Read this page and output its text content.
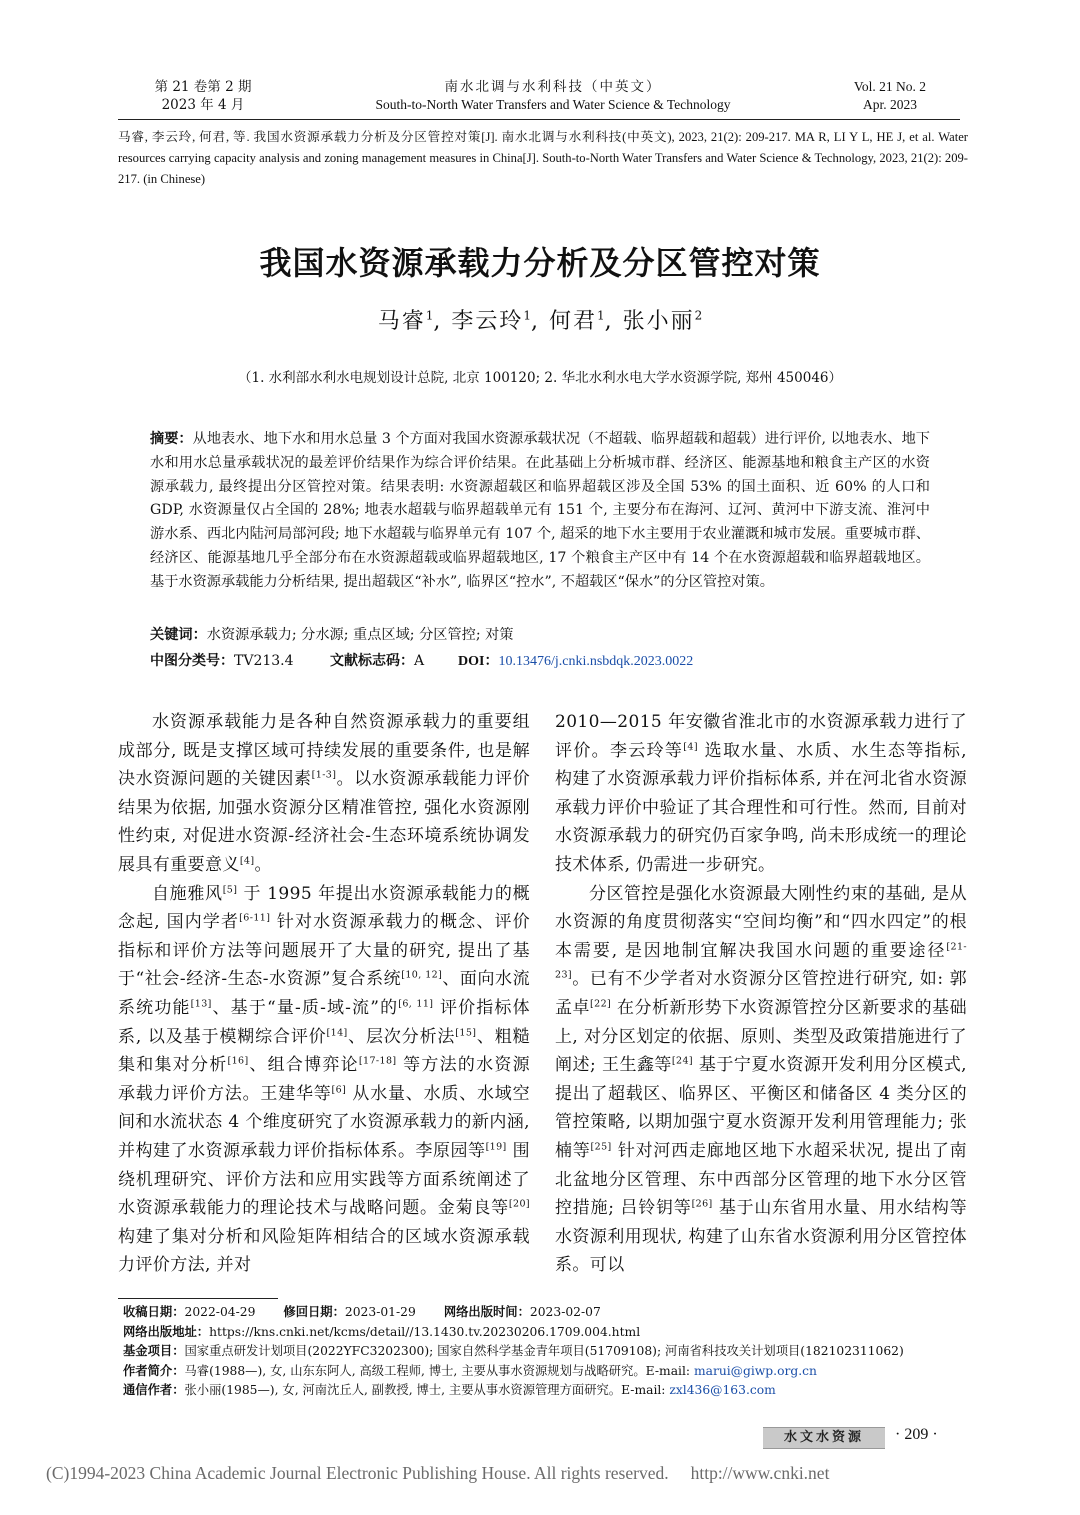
第 21 卷第 2 期
2023 年 4 月
南水北调与水利科技（中英文）
South-to-North Water Transfers and Water Science & Technology
Vol. 21 No. 2
Apr. 2023
马睿, 李云玲, 何君, 等. 我国水资源承载力分析及分区管控对策[J]. 南水北调与水利科技(中英文), 2023, 21(2): 209-217. MA R, LI Y L, HE J, et al. Water resources carrying capacity analysis and zoning management measures in China[J]. South-to-North Water Transfers and Water Science & Technology, 2023, 21(2): 209-217. (in Chinese)
我国水资源承载力分析及分区管控对策
马睿$^1$, 李云玲$^1$, 何君$^1$, 张小丽$^2$
（1. 水利部水利水电规划设计总院, 北京 100120; 2. 华北水利水电大学水资源学院, 郑州 450046）
摘要：从地表水、地下水和用水总量 3 个方面对我国水资源承载状况（不超载、临界超载和超载）进行评价, 以地表水、地下水和用水总量承载状况的最差评价结果作为综合评价结果。在此基础上分析城市群、经济区、能源基地和粮食主产区的水资源承载力, 最终提出分区管控对策。结果表明: 水资源超载区和临界超载区涉及全国 53% 的国土面积、近 60% 的人口和 GDP, 水资源量仅占全国的 28%; 地表水超载与临界超载单元有 151 个, 主要分布在海河、辽河、黄河中下游支流、淮河中游水系、西北内陆河局部河段; 地下水超载与临界单元有 107 个, 超采的地下水主要用于农业灌溉和城市发展。重要城市群、经济区、能源基地几乎全部分布在水资源超载或临界超载地区, 17 个粮食主产区中有 14 个在水资源超载和临界超载地区。基于水资源承载能力分析结果, 提出超载区“补水”, 临界区“控水”, 不超载区“保水”的分区管控对策。
关键词：水资源承载力; 分水源; 重点区域; 分区管控; 对策
中图分类号：TV213.4	文献标志码：A DOI：10.13476/j.cnki.nsbdqk.2023.0022

水资源承载能力是各种自然资源承载力的重要组成部分, 既是支撑区域可持续发展的重要条件, 也是解决水资源问题的关键因素[1-3]。以水资源承载能力评价结果为依据, 加强水资源分区精准管控, 强化水资源刚性约束, 对促进水资源-经济社会-生态环境系统协调发展具有重要意义[4]。

自施雅风[5] 于 1995 年提出水资源承载能力的概念起, 国内学者[6-11] 针对水资源承载力的概念、评价指标和评价方法等问题展开了大量的研究, 提出了基于“社会-经济-生态-水资源”复合系统[10, 12]、面向水流系统功能[13]、基于“量-质-域-流”的[6, 11] 评价指标体系, 以及基于模糊综合评价[14]、层次分析法[15]、粗糙集和集对分析[16]、组合博弈论[17-18] 等方法的水资源承载力评价方法。王建华等[6] 从水量、水质、水域空间和水流状态 4 个维度研究了水资源承载力的新内涵, 并构建了水资源承载力评价指标体系。李原园等[19] 围绕机理研究、评价方法和应用实践等方面系统阐述了水资源承载能力的理论技术与战略问题。金菊良等[20] 构建了集对分析和风险矩阵相结合的区域水资源承载力评价方法, 并对

2010—2015 年安徽省淮北市的水资源承载力进行了评价。李云玲等[4] 选取水量、水质、水生态等指标, 构建了水资源承载力评价指标体系, 并在河北省水资源承载力评价中验证了其合理性和可行性。然而, 目前对水资源承载力的研究仍百家争鸣, 尚未形成统一的理论技术体系, 仍需进一步研究。

分区管控是强化水资源最大刚性约束的基础, 是从水资源的角度贯彻落实“空间均衡”和“四水四定”的根本需要, 是因地制宜解决我国水问题的重要途径[21-23]。已有不少学者对水资源分区管控进行研究, 如: 郭孟卓[22] 在分析新形势下水资源管控分区新要求的基础上, 对分区划定的依据、原则、类型及政策措施进行了阐述; 王生鑫等[24] 基于宁夏水资源开发利用分区模式, 提出了超载区、临界区、平衡区和储备区 4 类分区的管控策略, 以期加强宁夏水资源开发利用管理能力; 张楠等[25] 针对河西走廊地区地下水超采状况, 提出了南北盆地分区管理、东中西部分区管理的地下水分区管控措施; 吕铃钥等[26] 基于山东省用水量、用水结构等水资源利用现状, 构建了山东省水资源利用分区管控体系。可以

收稿日期：2022-04-29 修回日期：2023-01-29 网络出版时间：2023-02-07
网络出版地址：https://kns.cnki.net/kcms/detail//13.1430.tv.20230206.1709.004.html
基金项目：国家重点研发计划项目(2022YFC3202300); 国家自然科学基金青年项目(51709108); 河南省科技攻关计划项目(182102311062)
作者简介：马睿(1988—), 女, 山东东阿人, 高级工程师, 博士, 主要从事水资源规划与战略研究。E-mail: marui@giwp.org.cn
通信作者：张小丽(1985—), 女, 河南沈丘人, 副教授, 博士, 主要从事水资源管理方面研究。E-mail: zxl436@163.com
水文水资源	· 209 ·
(C)1994-2023 China Academic Journal Electronic Publishing House. All rights reserved. http://www.cnki.net
